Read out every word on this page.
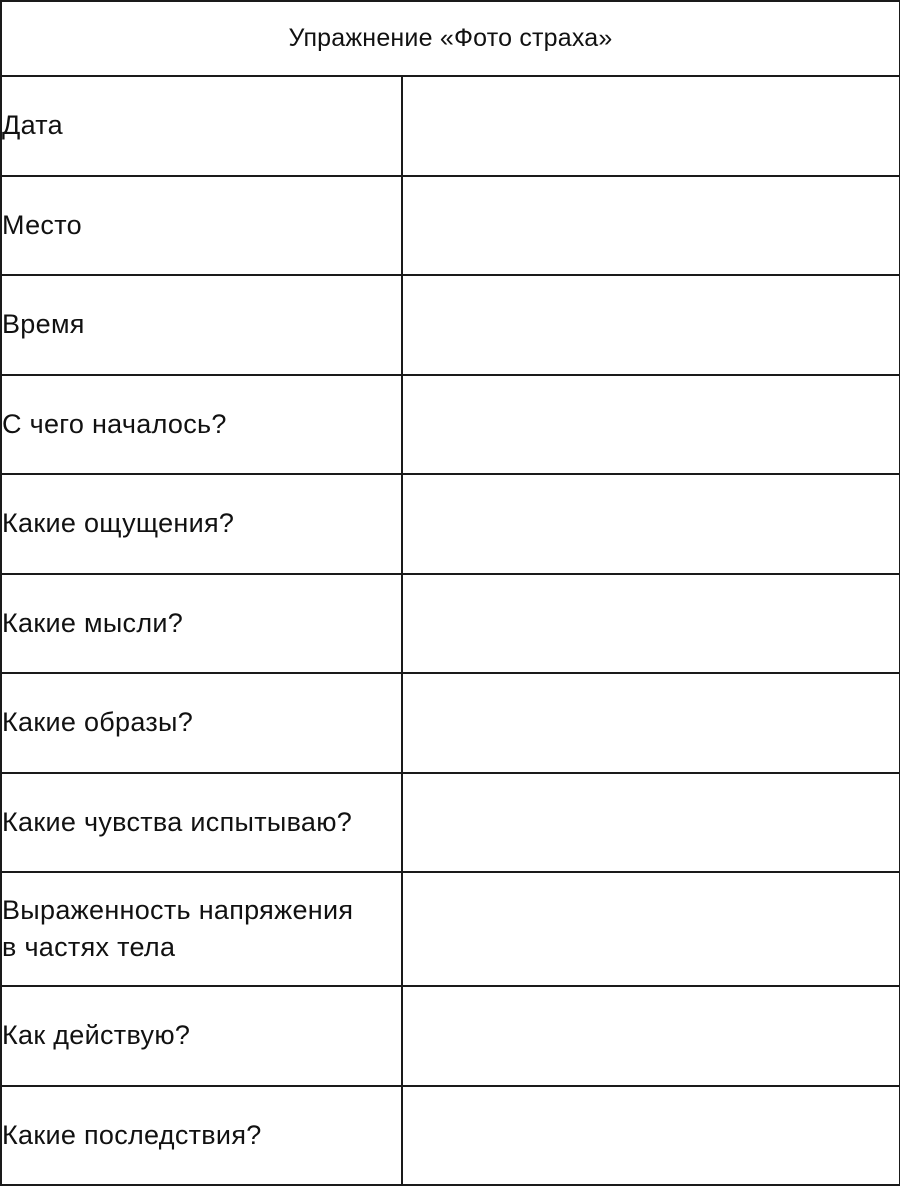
Упражнение «Фото страха»	
Дата	
Место	
Время	
С чего началось?	
Какие ощущения?	
Какие мысли?	
Какие образы?	
Какие чувства испытываю?	
Выраженность напряжения
в частях тела	
Как действую?	
Какие последствия?	
